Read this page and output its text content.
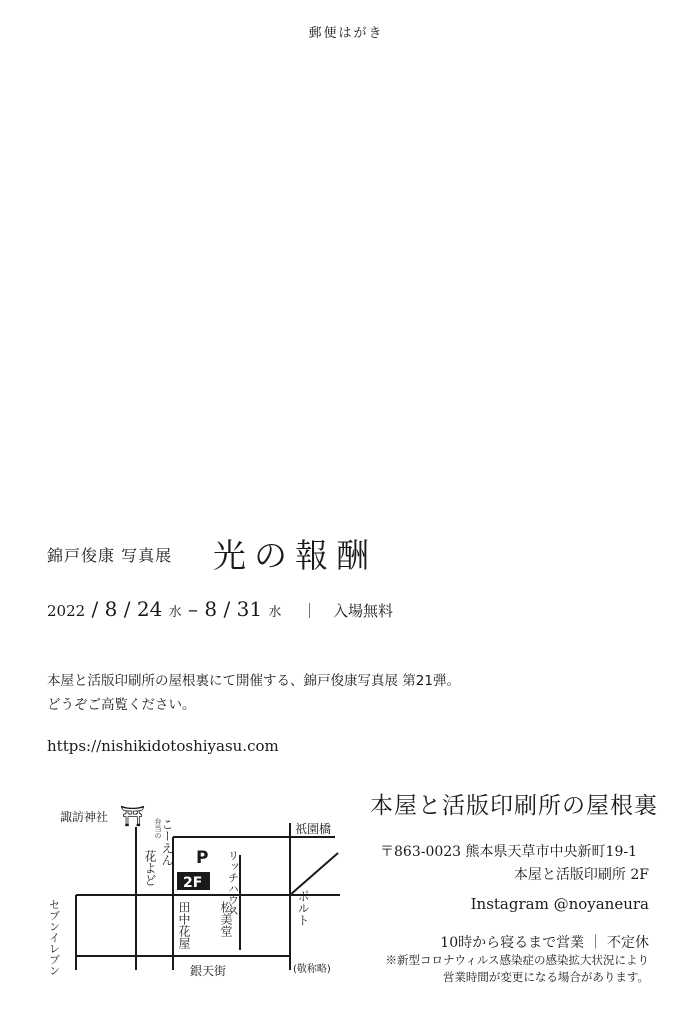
郵便はがき
錦戸俊康 写真展 光の報酬
2022 / 8 / 24 水 – 8 / 31 水    ｜   入場無料
本屋と活版印刷所の屋根裏にて開催する、錦戸俊康写真展 第21弾。
どうぞご高覧ください。
https://nishikidotoshiyasu.com
諏訪神社 ⛩
祇園橋
弁当の
こーえん
花よど P
2F リッチハウス
松美堂
田中花屋
セブンイレブン	ポルト
銀天街	(敬称略)
本屋と活版印刷所の屋根裏
〒863-0023 熊本県天草市中央新町19-1
本屋と活版印刷所 2F
Instagram @noyaneura
10時から寝るまで営業 ｜ 不定休
※新型コロナウィルス感染症の感染拡大状況により
営業時間が変更になる場合があります。
